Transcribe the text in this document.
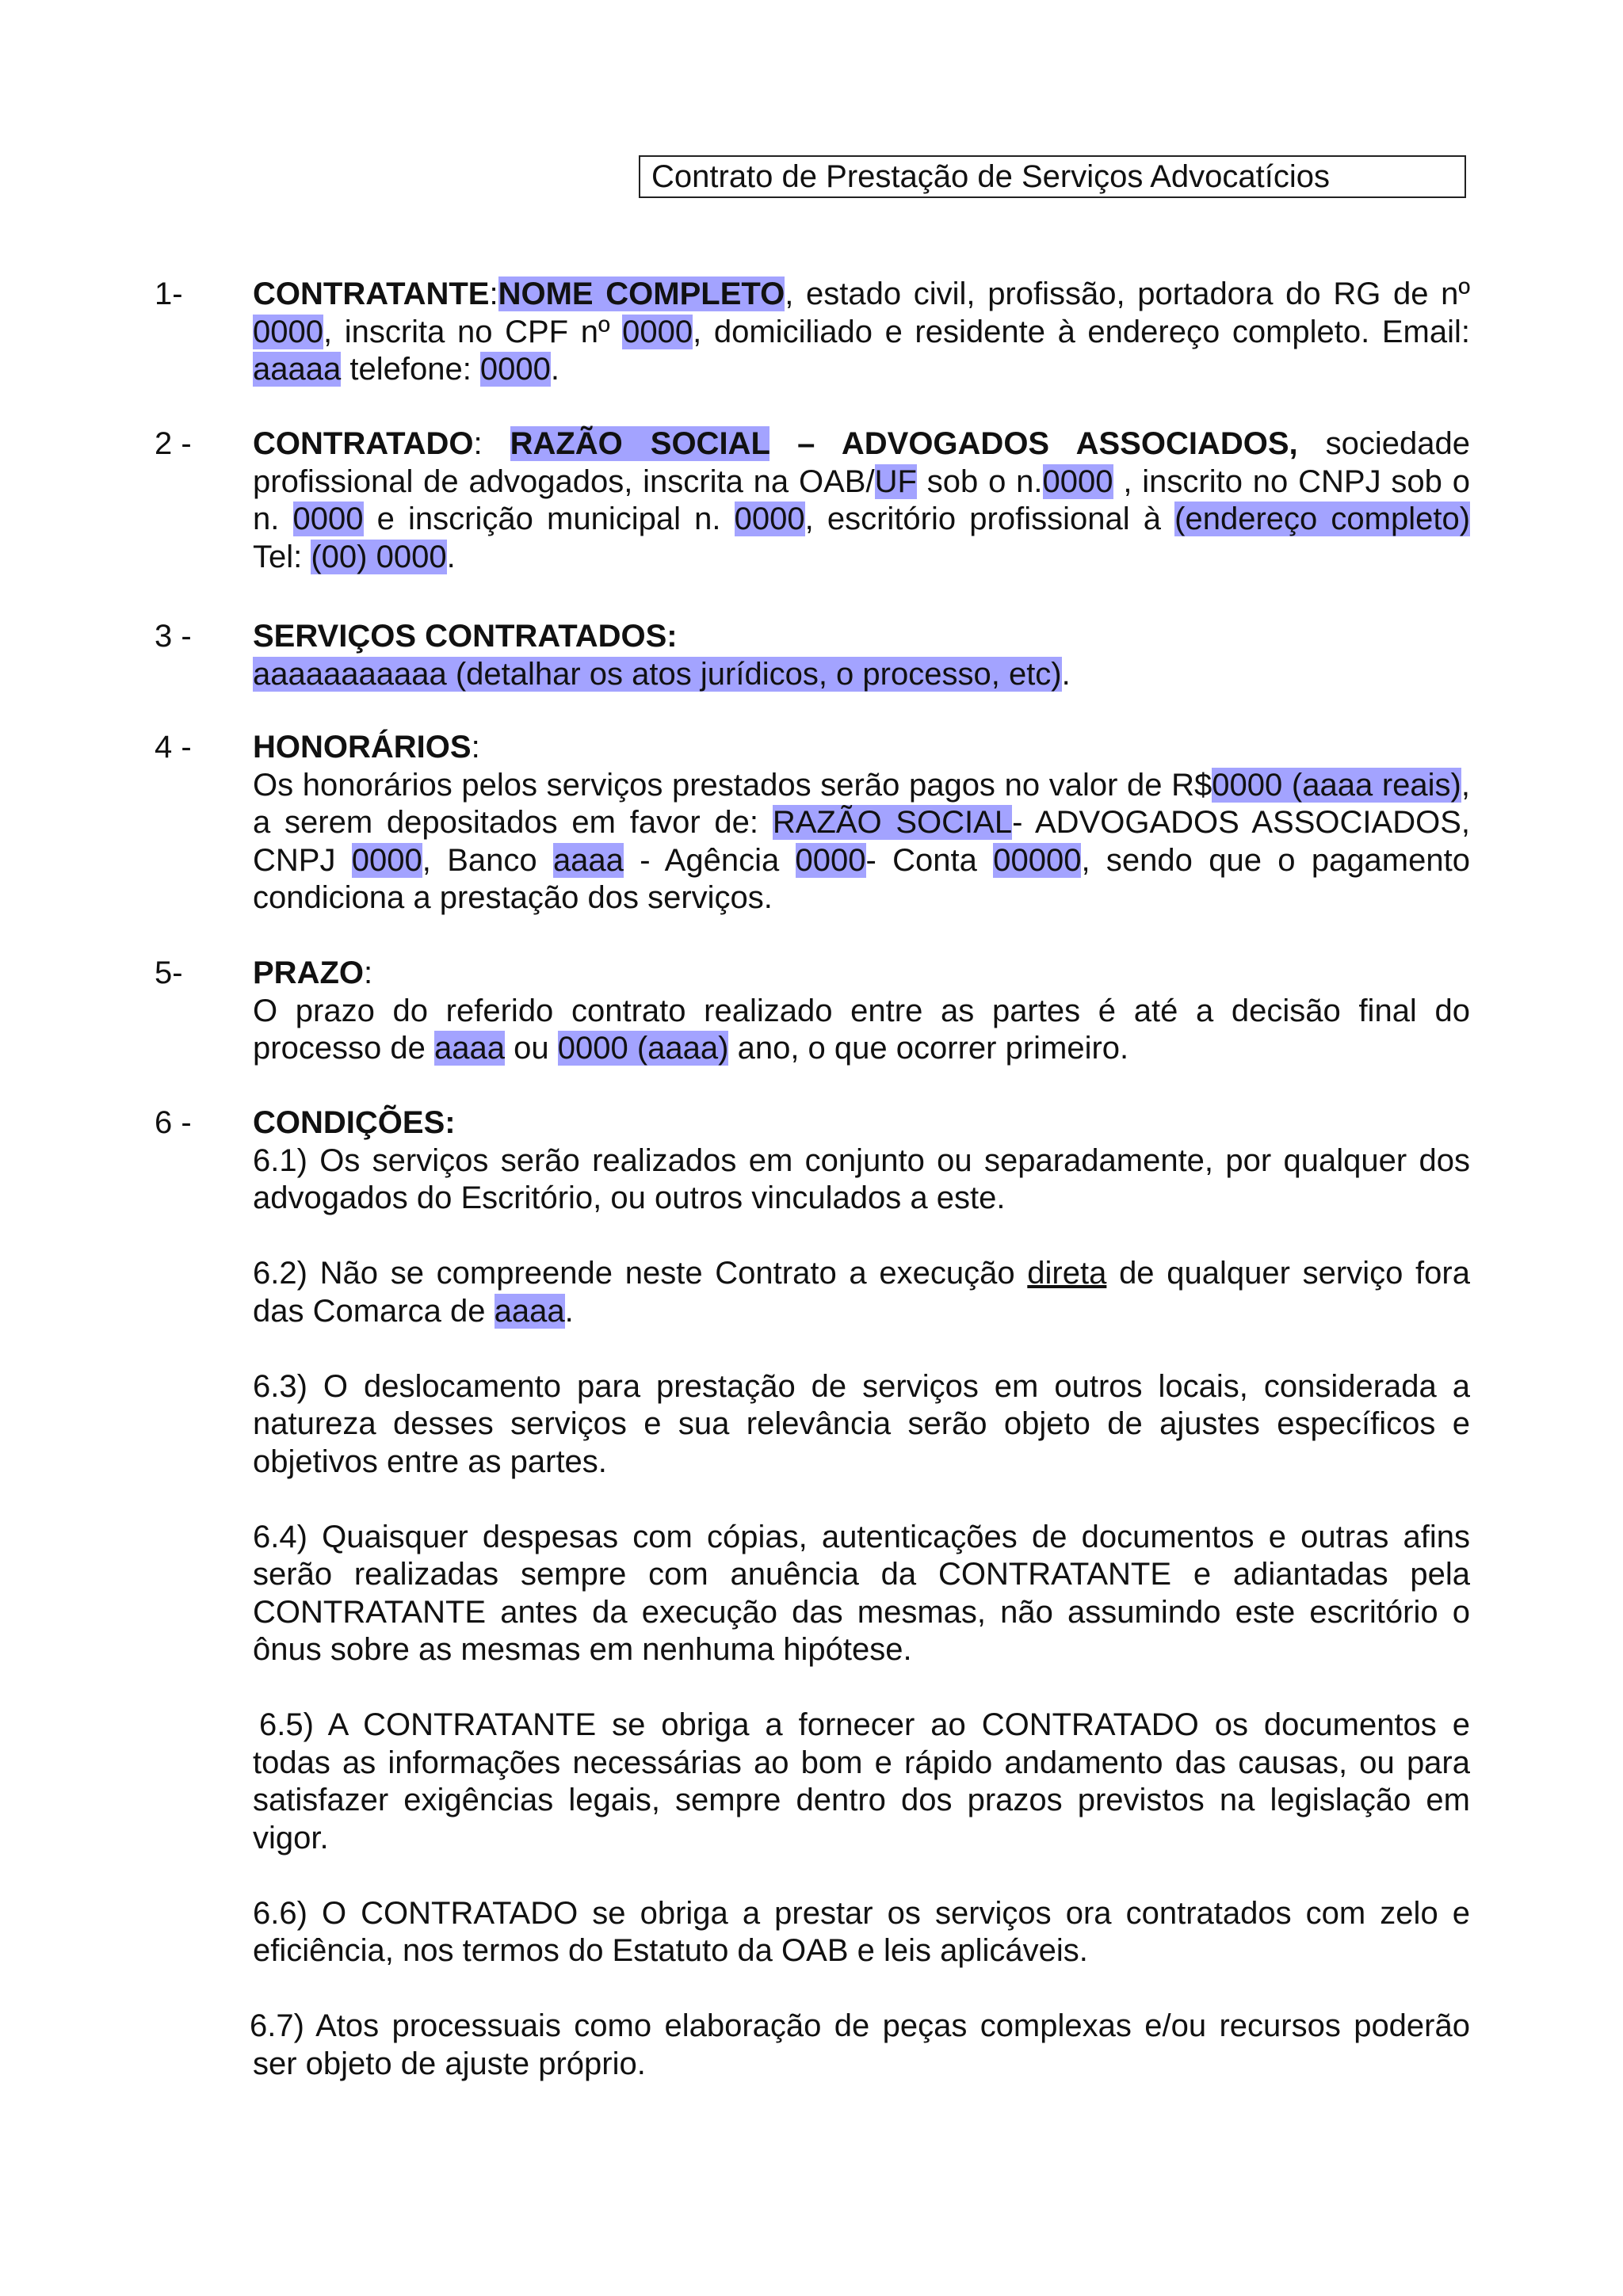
Contrato de Prestação de Serviços Advocatícios
1- CONTRATANTE:NOME COMPLETO, estado civil, profissão, portadora do RG de nº 0000, inscrita no CPF nº 0000, domiciliado e residente à endereço completo. Email: aaaaa telefone: 0000.

2 - CONTRATADO: RAZÃO SOCIAL – ADVOGADOS ASSOCIADOS, sociedade profissional de advogados, inscrita na OAB/UF sob o n.0000 , inscrito no CNPJ sob o n. 0000 e inscrição municipal n. 0000, escritório profissional à (endereço completo) Tel: (00) 0000.

3 - SERVIÇOS CONTRATADOS:
aaaaaaaaaaa (detalhar os atos jurídicos, o processo, etc).

4 - HONORÁRIOS:
Os honorários pelos serviços prestados serão pagos no valor de R$0000 (aaaa reais), a serem depositados em favor de: RAZÃO SOCIAL- ADVOGADOS ASSOCIADOS, CNPJ 0000, Banco aaaa - Agência 0000- Conta 00000, sendo que o pagamento condiciona a prestação dos serviços.

5- PRAZO:
O prazo do referido contrato realizado entre as partes é até a decisão final do processo de aaaa ou 0000 (aaaa) ano, o que ocorrer primeiro.

6 - CONDIÇÕES:

6.1) Os serviços serão realizados em conjunto ou separadamente, por qualquer dos advogados do Escritório, ou outros vinculados a este.

6.2) Não se compreende neste Contrato a execução direta de qualquer serviço fora das Comarca de aaaa.

6.3) O deslocamento para prestação de serviços em outros locais, considerada a natureza desses serviços e sua relevância serão objeto de ajustes específicos e objetivos entre as partes.

6.4) Quaisquer despesas com cópias, autenticações de documentos e outras afins serão realizadas sempre com anuência da CONTRATANTE e adiantadas pela CONTRATANTE antes da execução das mesmas, não assumindo este escritório o ônus sobre as mesmas em nenhuma hipótese.

6.5) A CONTRATANTE se obriga a fornecer ao CONTRATADO os documentos e todas as informações necessárias ao bom e rápido andamento das causas, ou para satisfazer exigências legais, sempre dentro dos prazos previstos na legislação em vigor.

6.6) O CONTRATADO se obriga a prestar os serviços ora contratados com zelo e eficiência, nos termos do Estatuto da OAB e leis aplicáveis.

6.7) Atos processuais como elaboração de peças complexas e/ou recursos poderão ser objeto de ajuste próprio.
